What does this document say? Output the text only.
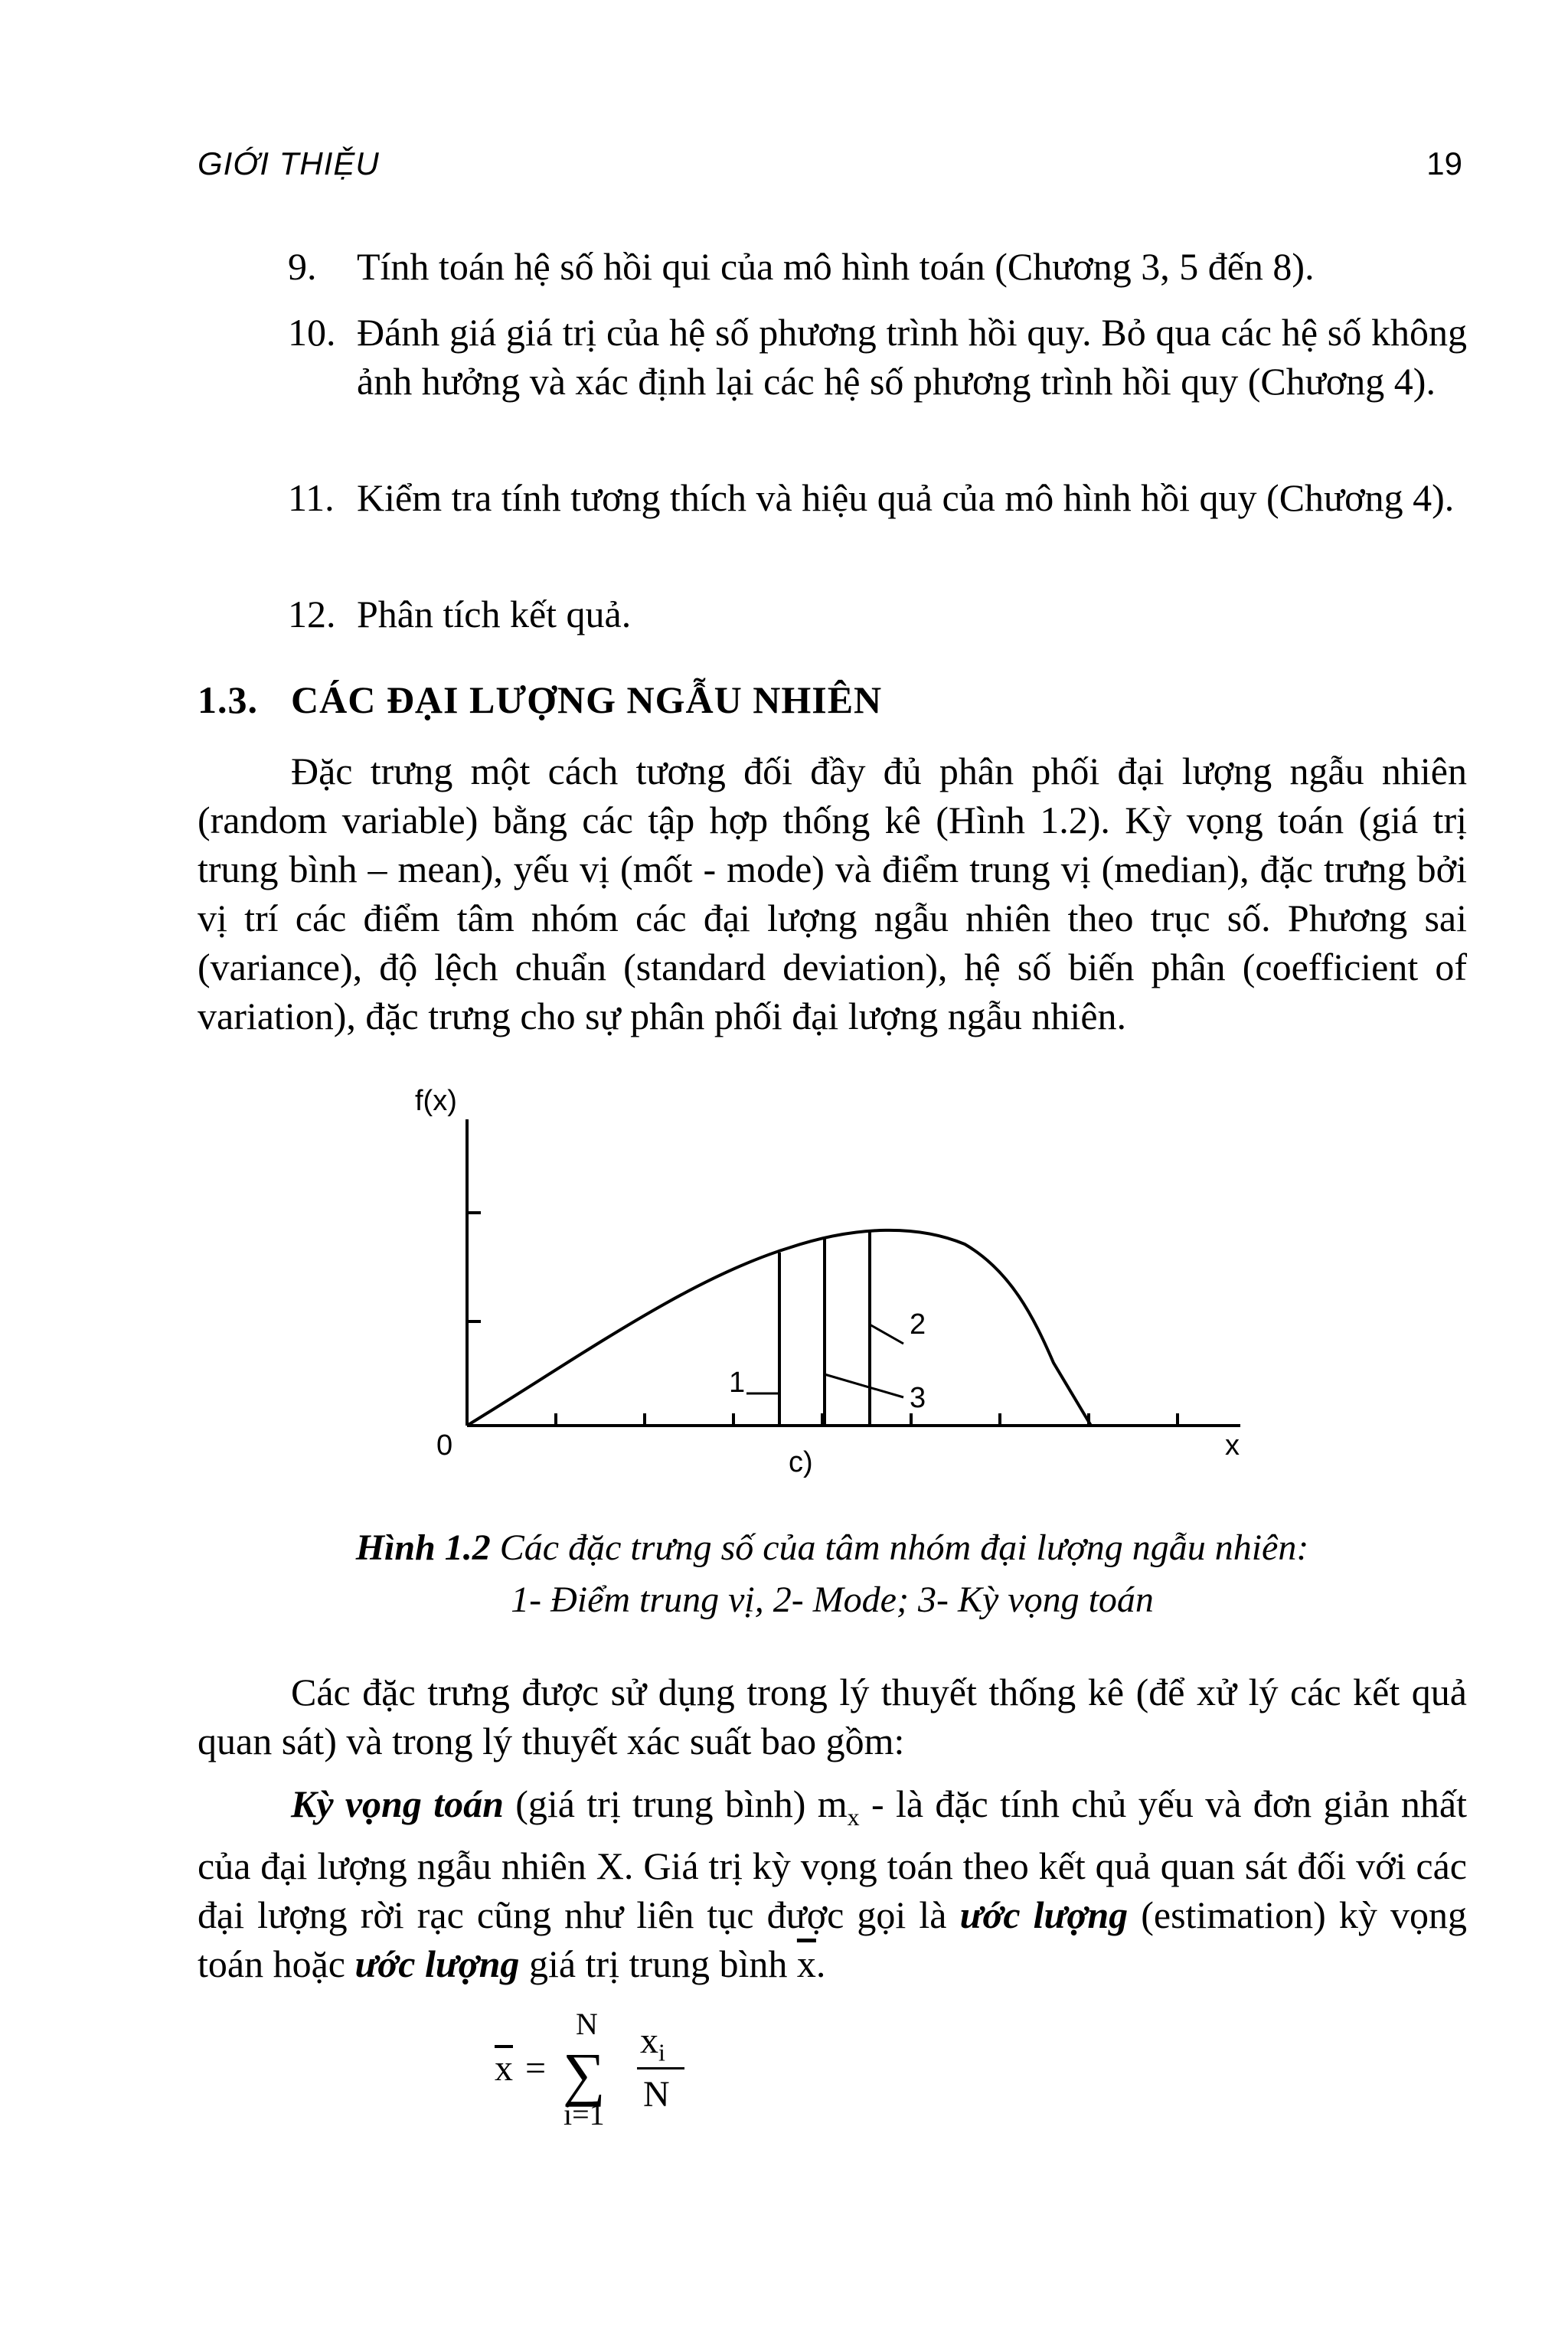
GIỚI THIỆU	19
9.	Tính toán hệ số hồi qui của mô hình toán (Chương 3, 5 đến 8).
10. Đánh giá giá trị của hệ số phương trình hồi quy. Bỏ qua các hệ số không ảnh hưởng và xác định lại các hệ số phương trình hồi quy (Chương 4).
11. Kiểm tra tính tương thích và hiệu quả của mô hình hồi quy (Chương 4).
12. Phân tích kết quả.
1.3. CÁC ĐẠI LƯỢNG NGẪU NHIÊN
Đặc trưng một cách tương đối đầy đủ phân phối đại lượng ngẫu nhiên (random variable) bằng các tập hợp thống kê (Hình 1.2). Kỳ vọng toán (giá trị trung bình – mean), yếu vị (mốt - mode) và điểm trung vị (median), đặc trưng bởi vị trí các điểm tâm nhóm các đại lượng ngẫu nhiên theo trục số. Phương sai (variance), độ lệch chuẩn (standard deviation), hệ số biến phân (coefficient of variation), đặc trưng cho sự phân phối đại lượng ngẫu nhiên.
f(x)
0	x
c)
1
2
3
Hình 1.2 Các đặc trưng số của tâm nhóm đại lượng ngẫu nhiên:
1- Điểm trung vị, 2- Mode; 3- Kỳ vọng toán
Các đặc trưng được sử dụng trong lý thuyết thống kê (để xử lý các kết quả quan sát) và trong lý thuyết xác suất bao gồm:
Kỳ vọng toán (giá trị trung bình) $m_x$ - là đặc tính chủ yếu và đơn giản nhất của đại lượng ngẫu nhiên X. Giá trị kỳ vọng toán theo kết quả quan sát đối với các đại lượng rời rạc cũng như liên tục được gọi là ước lượng (estimation) kỳ vọng toán hoặc ước lượng giá trị trung bình $\overline{x}$.
$\overline{x}$ = ∑
N
i=1
$x_i$
N
